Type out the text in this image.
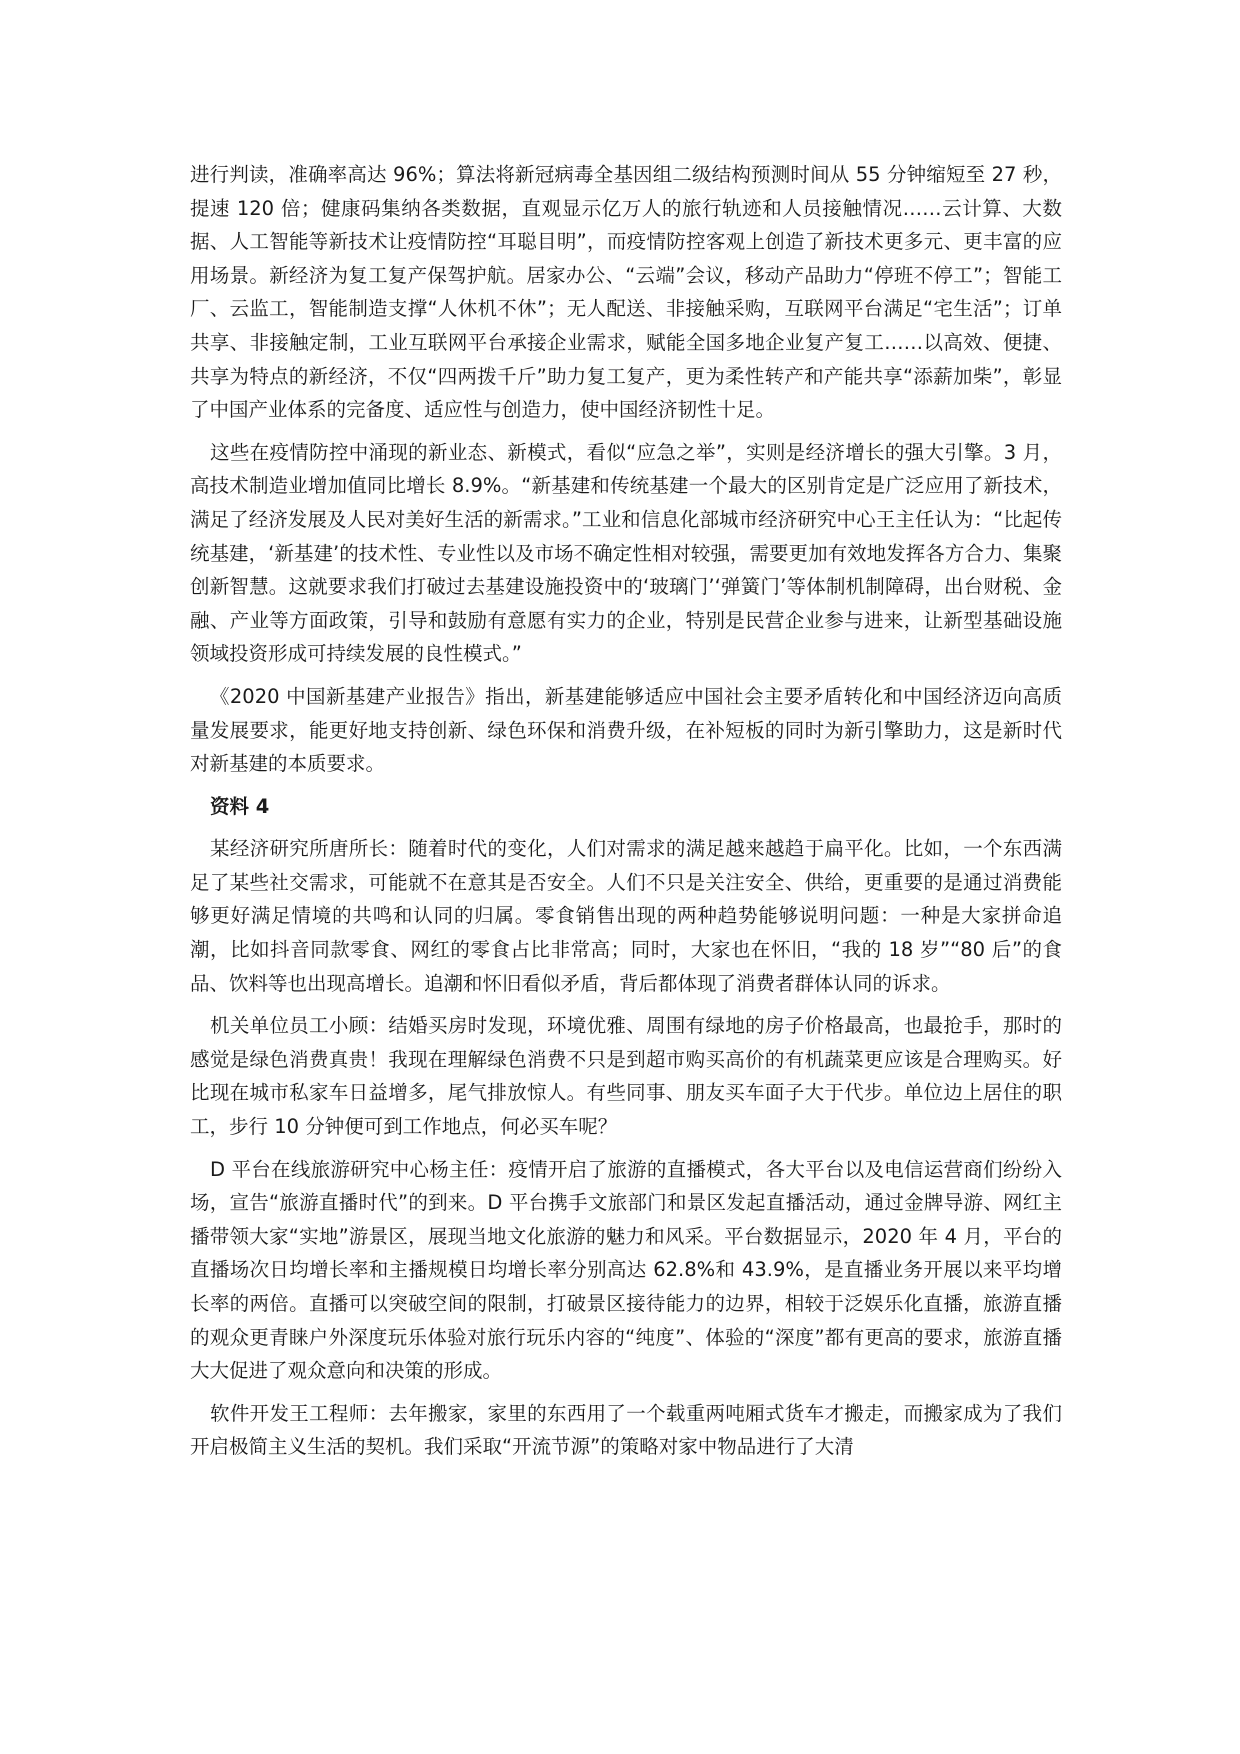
进行判读，准确率高达 96%；算法将新冠病毒全基因组二级结构预测时间从 55 分钟缩短至 27 秒，提速 120 倍；健康码集纳各类数据，直观显示亿万人的旅行轨迹和人员接触情况……云计算、大数据、人工智能等新技术让疫情防控“耳聪目明”，而疫情防控客观上创造了新技术更多元、更丰富的应用场景。新经济为复工复产保驾护航。居家办公、“云端”会议，移动产品助力“停班不停工”；智能工厂、云监工，智能制造支撑“人休机不休”；无人配送、非接触采购，互联网平台满足“宅生活”；订单共享、非接触定制，工业互联网平台承接企业需求，赋能全国多地企业复产复工……以高效、便捷、共享为特点的新经济，不仅“四两拨千斤”助力复工复产，更为柔性转产和产能共享“添薪加柴”，彰显了中国产业体系的完备度、适应性与创造力，使中国经济韧性十足。

这些在疫情防控中涌现的新业态、新模式，看似“应急之举”，实则是经济增长的强大引擎。3 月，高技术制造业增加值同比增长 8.9%。“新基建和传统基建一个最大的区别肯定是广泛应用了新技术，满足了经济发展及人民对美好生活的新需求。”工业和信息化部城市经济研究中心王主任认为：“比起传统基建，‘新基建’的技术性、专业性以及市场不确定性相对较强，需要更加有效地发挥各方合力、集聚创新智慧。这就要求我们打破过去基建设施投资中的‘玻璃门’‘弹簧门’等体制机制障碍，出台财税、金融、产业等方面政策，引导和鼓励有意愿有实力的企业，特别是民营企业参与进来，让新型基础设施领域投资形成可持续发展的良性模式。”

《2020 中国新基建产业报告》指出，新基建能够适应中国社会主要矛盾转化和中国经济迈向高质量发展要求，能更好地支持创新、绿色环保和消费升级，在补短板的同时为新引擎助力，这是新时代对新基建的本质要求。

资料 4

某经济研究所唐所长：随着时代的变化，人们对需求的满足越来越趋于扁平化。比如，一个东西满足了某些社交需求，可能就不在意其是否安全。人们不只是关注安全、供给，更重要的是通过消费能够更好满足情境的共鸣和认同的归属。零食销售出现的两种趋势能够说明问题：一种是大家拼命追潮，比如抖音同款零食、网红的零食占比非常高；同时，大家也在怀旧，“我的 18 岁”“80 后”的食品、饮料等也出现高增长。追潮和怀旧看似矛盾，背后都体现了消费者群体认同的诉求。

机关单位员工小顾：结婚买房时发现，环境优雅、周围有绿地的房子价格最高，也最抢手，那时的感觉是绿色消费真贵！我现在理解绿色消费不只是到超市购买高价的有机蔬菜更应该是合理购买。好比现在城市私家车日益增多，尾气排放惊人。有些同事、朋友买车面子大于代步。单位边上居住的职工，步行 10 分钟便可到工作地点，何必买车呢？

D 平台在线旅游研究中心杨主任：疫情开启了旅游的直播模式，各大平台以及电信运营商们纷纷入场，宣告“旅游直播时代”的到来。D 平台携手文旅部门和景区发起直播活动，通过金牌导游、网红主播带领大家“实地”游景区，展现当地文化旅游的魅力和风采。平台数据显示，2020 年 4 月，平台的直播场次日均增长率和主播规模日均增长率分别高达 62.8%和 43.9%，是直播业务开展以来平均增长率的两倍。直播可以突破空间的限制，打破景区接待能力的边界，相较于泛娱乐化直播，旅游直播的观众更青睐户外深度玩乐体验对旅行玩乐内容的“纯度”、体验的“深度”都有更高的要求，旅游直播大大促进了观众意向和决策的形成。

软件开发王工程师：去年搬家，家里的东西用了一个载重两吨厢式货车才搬走，而搬家成为了我们开启极简主义生活的契机。我们采取“开流节源”的策略对家中物品进行了大清
